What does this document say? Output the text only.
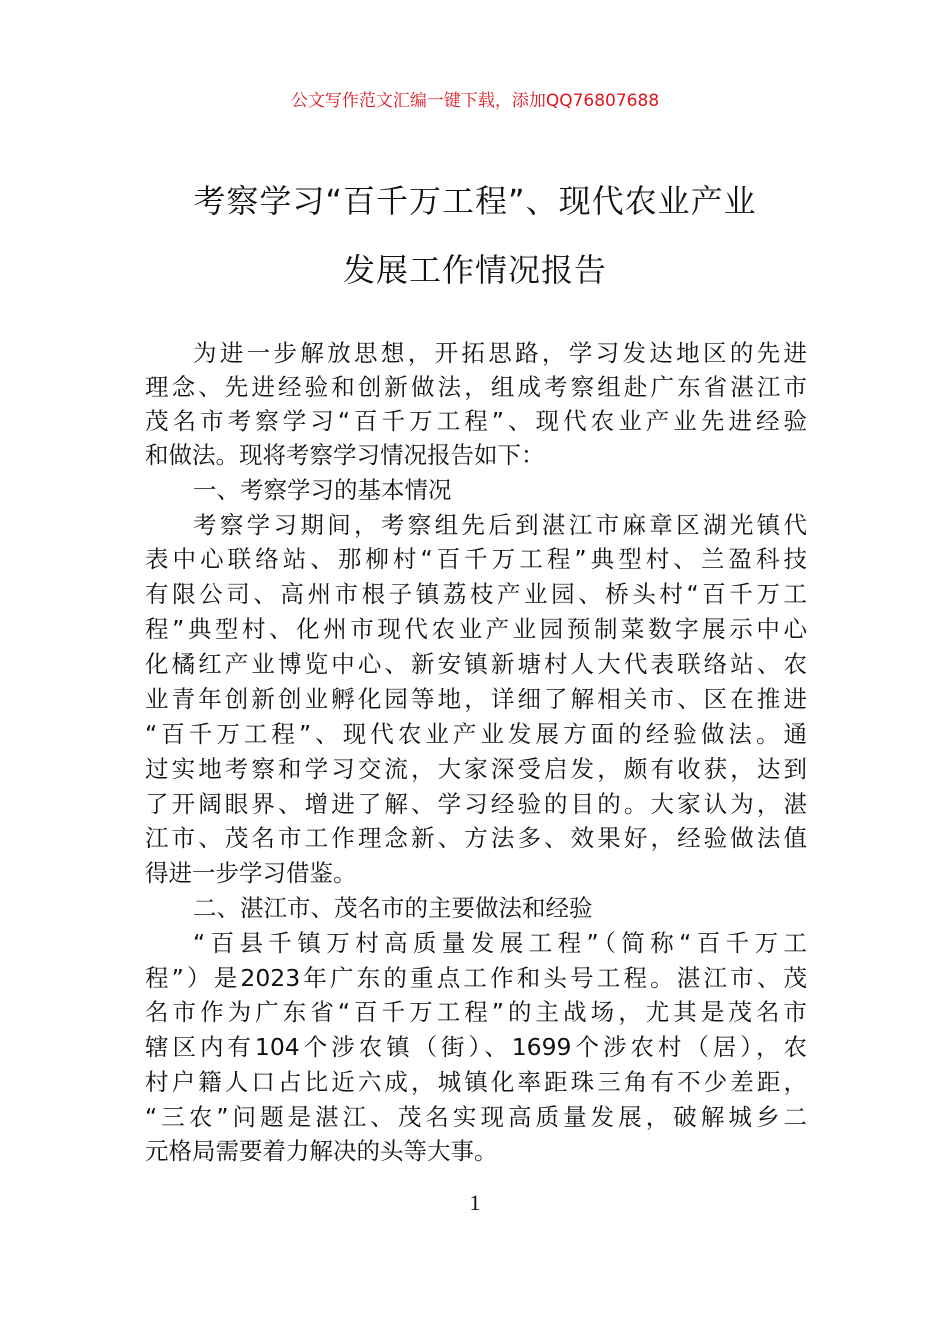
公文写作范文汇编一键下载，添加QQ76807688
考察学习“百千万工程”、现代农业产业
发展工作情况报告
为进一步解放思想，开拓思路，学习发达地区的先进
理念、先进经验和创新做法，组成考察组赴广东省湛江市
茂名市考察学习“百千万工程”、现代农业产业先进经验
和做法。现将考察学习情况报告如下：
一、考察学习的基本情况
考察学习期间，考察组先后到湛江市麻章区湖光镇代
表中心联络站、那柳村“百千万工程”典型村、兰盈科技
有限公司、高州市根子镇荔枝产业园、桥头村“百千万工
程”典型村、化州市现代农业产业园预制菜数字展示中心
化橘红产业博览中心、新安镇新塘村人大代表联络站、农
业青年创新创业孵化园等地，详细了解相关市、区在推进
“百千万工程”、现代农业产业发展方面的经验做法。通
过实地考察和学习交流，大家深受启发，颇有收获，达到
了开阔眼界、增进了解、学习经验的目的。大家认为，湛
江市、茂名市工作理念新、方法多、效果好，经验做法值
得进一步学习借鉴。
二、湛江市、茂名市的主要做法和经验
“百县千镇万村高质量发展工程”（简称“百千万工
程”）是2023年广东的重点工作和头号工程。湛江市、茂
名市作为广东省“百千万工程”的主战场，尤其是茂名市
辖区内有104个涉农镇（街）、1699个涉农村（居），农
村户籍人口占比近六成，城镇化率距珠三角有不少差距，
“三农”问题是湛江、茂名实现高质量发展，破解城乡二
元格局需要着力解决的头等大事。
1
